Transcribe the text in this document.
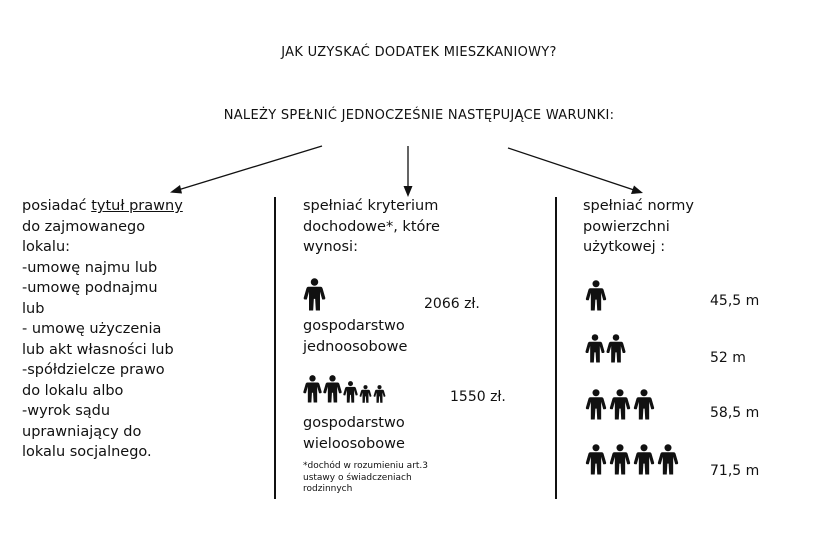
JAK UZYSKAĆ DODATEK MIESZKANIOWY?
NALEŻY SPEŁNIĆ JEDNOCZEŚNIE NASTĘPUJĄCE WARUNKI:
posiadać tytuł prawny
do zajmowanego
lokalu:
-umowę najmu lub
-umowę podnajmu
lub
- umowę użyczenia
lub akt własności lub
-spółdzielcze prawo
do lokalu albo
-wyrok sądu
uprawniający do
lokalu socjalnego.
spełniać kryterium
dochodowe*, które
wynosi:
2066 zł.
gospodarstwo
jednoosobowe
1550 zł.
gospodarstwo
wieloosobowe
*dochód w rozumieniu art.3
ustawy o świadczeniach
rodzinnych
spełniać normy
powierzchni
użytkowej :
45,5 m
52 m
58,5 m
71,5 m
